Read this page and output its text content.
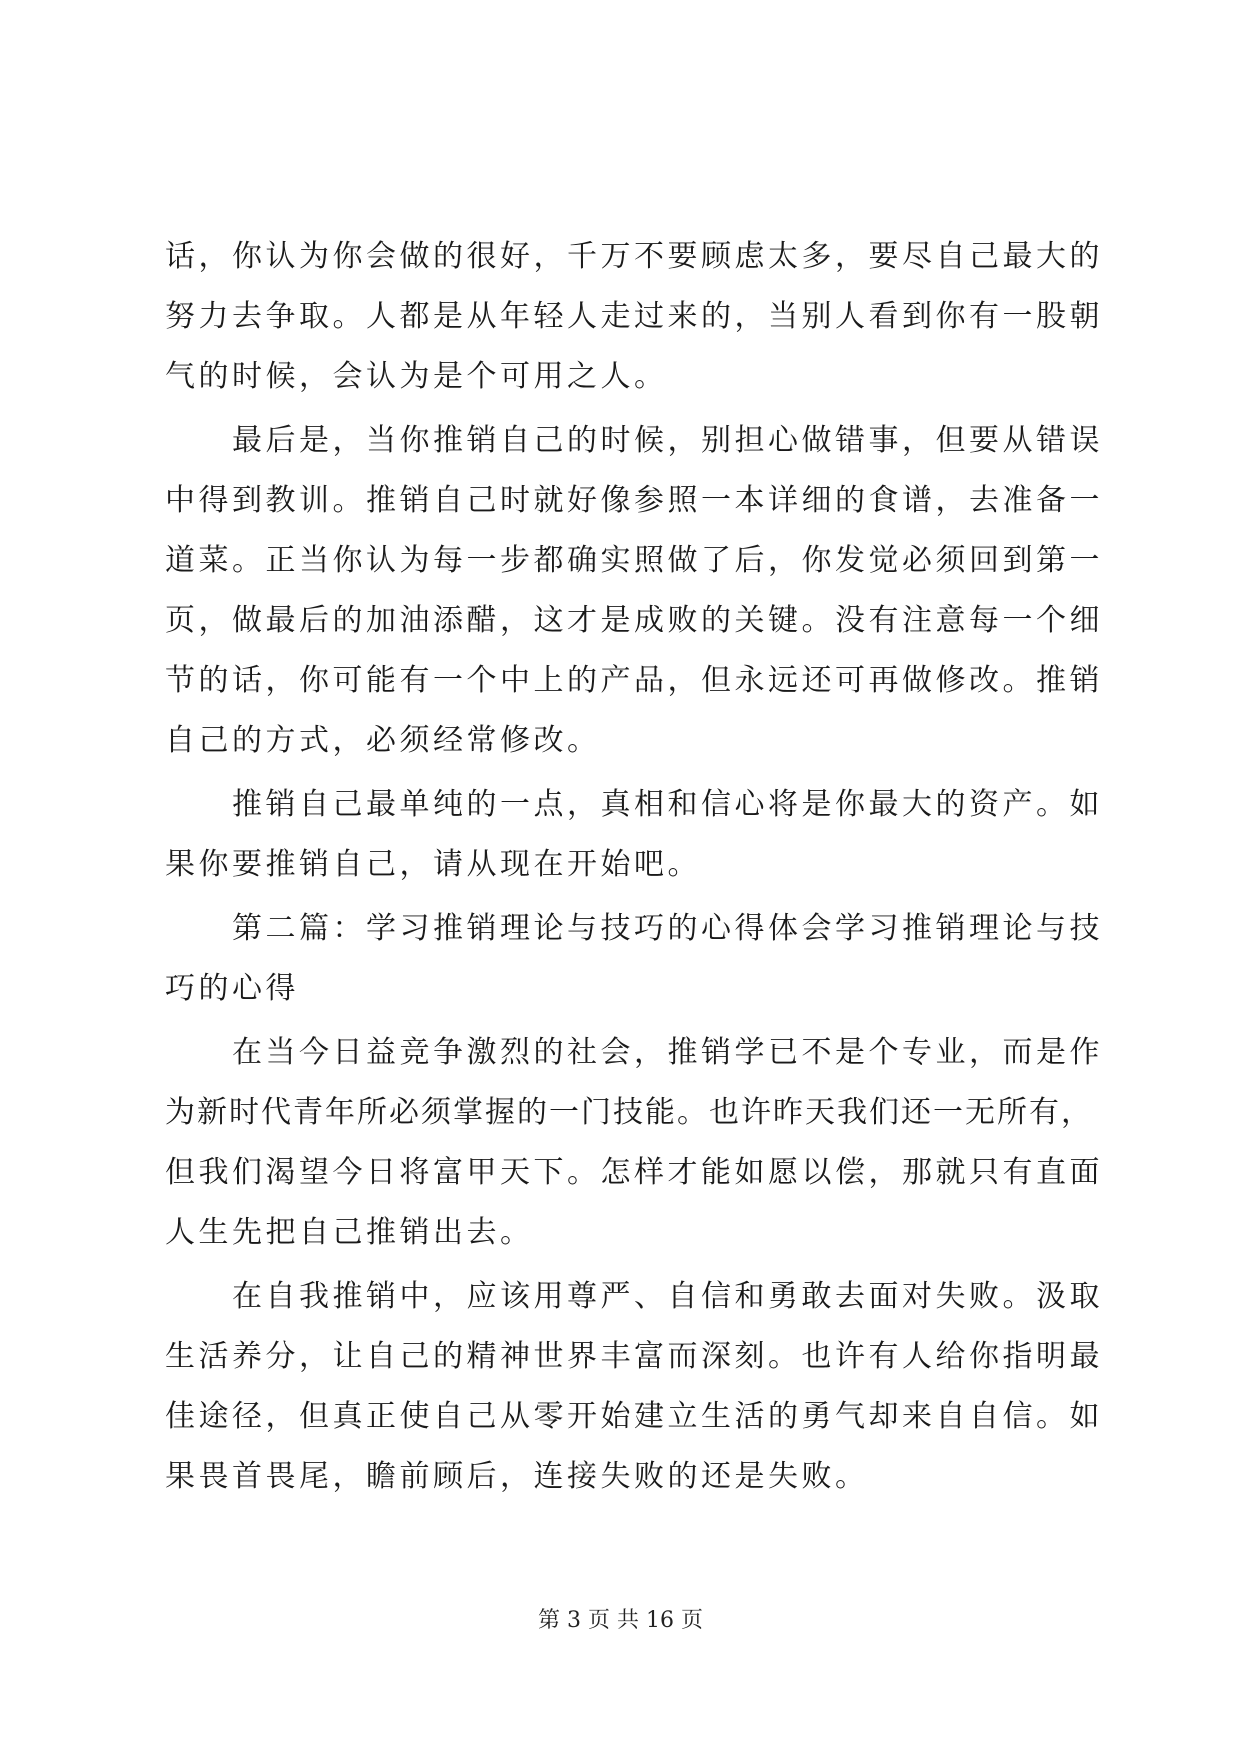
话，你认为你会做的很好，千万不要顾虑太多，要尽自己最大的
努力去争取。人都是从年轻人走过来的，当别人看到你有一股朝
气的时候，会认为是个可用之人。
最后是，当你推销自己的时候，别担心做错事，但要从错误
中得到教训。推销自己时就好像参照一本详细的食谱，去准备一
道菜。正当你认为每一步都确实照做了后，你发觉必须回到第一
页，做最后的加油添醋，这才是成败的关键。没有注意每一个细
节的话，你可能有一个中上的产品，但永远还可再做修改。推销
自己的方式，必须经常修改。
推销自己最单纯的一点，真相和信心将是你最大的资产。如
果你要推销自己，请从现在开始吧。
第二篇：学习推销理论与技巧的心得体会学习推销理论与技
巧的心得
在当今日益竞争激烈的社会，推销学已不是个专业，而是作
为新时代青年所必须掌握的一门技能。也许昨天我们还一无所有，
但我们渴望今日将富甲天下。怎样才能如愿以偿，那就只有直面
人生先把自己推销出去。
在自我推销中，应该用尊严、自信和勇敢去面对失败。汲取
生活养分，让自己的精神世界丰富而深刻。也许有人给你指明最
佳途径，但真正使自己从零开始建立生活的勇气却来自自信。如
果畏首畏尾，瞻前顾后，连接失败的还是失败。
第 3 页 共 16 页
